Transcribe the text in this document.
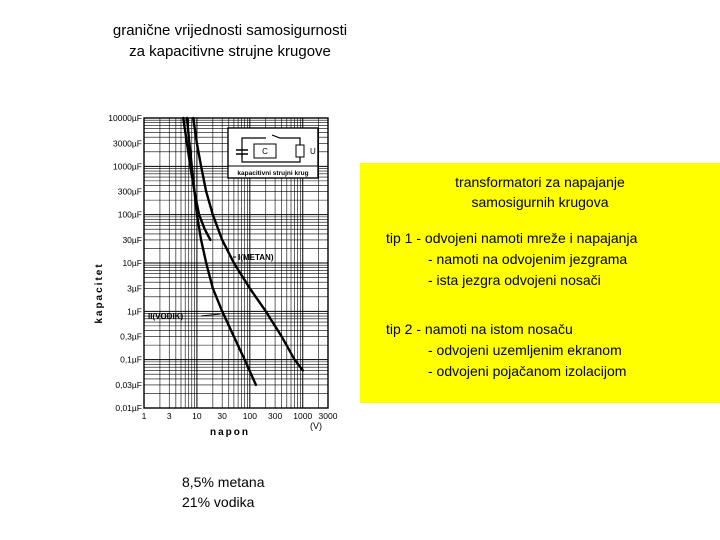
granične vrijednosti samosigurnosti
za kapacitivne strujne krugove
10000µF
3000µF
1000µF
300µF
100µF
30µF
10µF
3µF
1µF
0,3µF
0,1µF
0,03µF
0,01µF
1 3 10 30 100 300 1000 3000
I(METAN)
II(VODIK)
C	U
kapacitivni strujni krug
kapacitet
napon
(V)
transformatori za napajanje
samosigurnih krugova
tip 1 - odvojeni namoti mreže i napajanja
- namoti na odvojenim jezgrama
- ista jezgra odvojeni nosači
tip 2 - namoti na istom nosaču
- odvojeni uzemljenim ekranom
- odvojeni pojačanom izolacijom
8,5% metana
21% vodika
